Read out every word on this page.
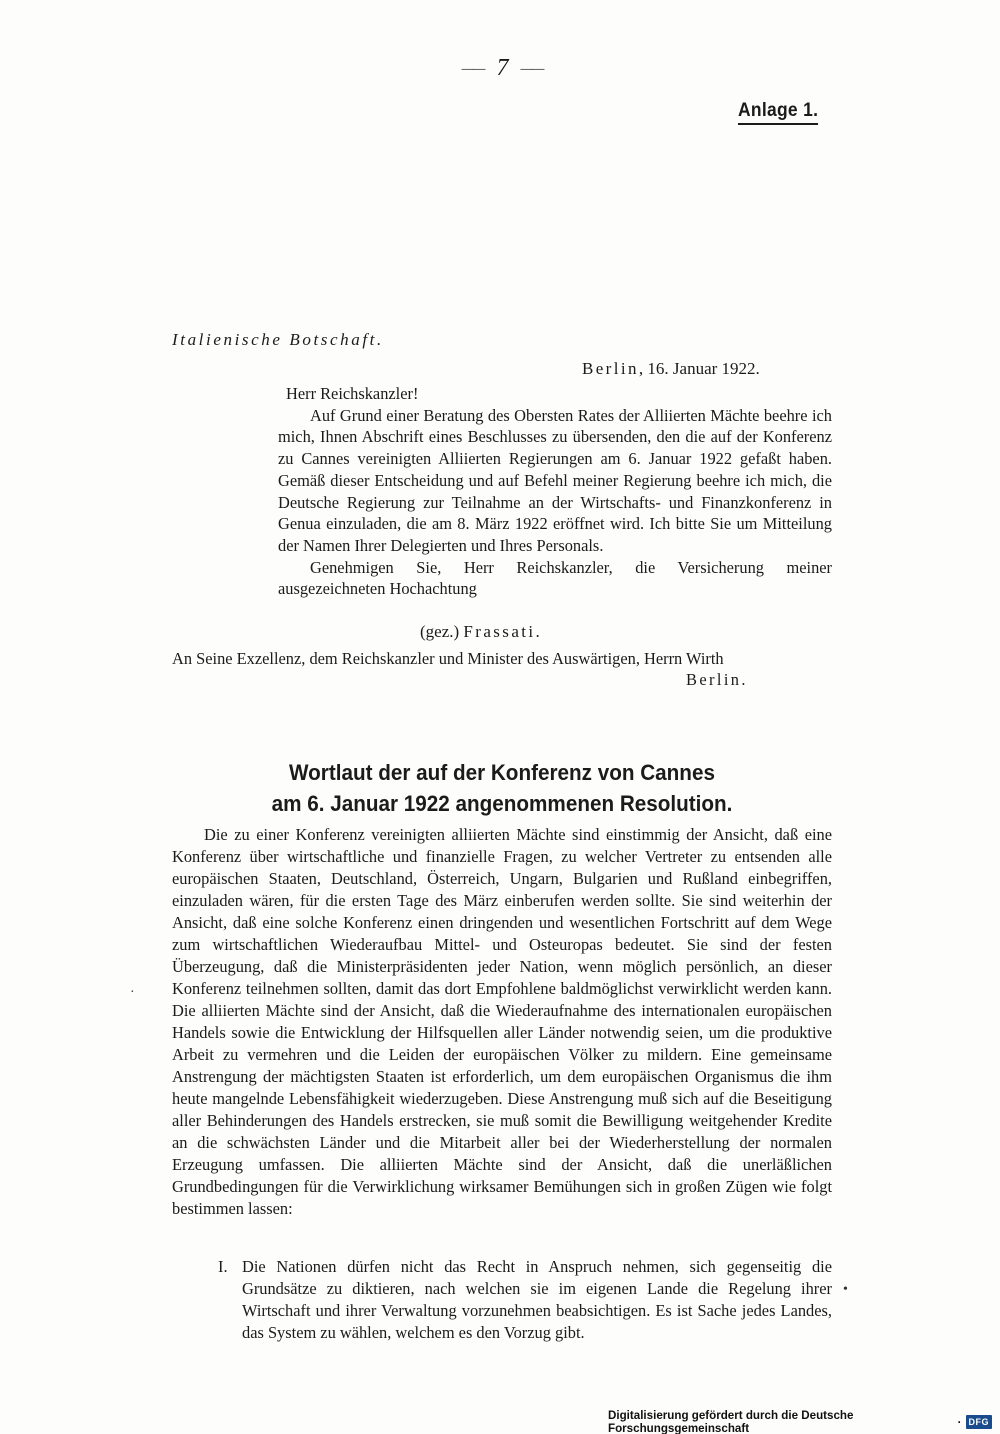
—— 7 ——
Anlage 1.
Italienische Botschaft.
Berlin, 16. Januar 1922.

Herr Reichskanzler!

Auf Grund einer Beratung des Obersten Rates der Alliierten Mächte beehre ich mich, Ihnen Abschrift eines Beschlusses zu übersenden, den die auf der Konferenz zu Cannes vereinigten Alliierten Regierungen am 6. Januar 1922 gefaßt haben. Gemäß dieser Entscheidung und auf Befehl meiner Regierung beehre ich mich, die Deutsche Regierung zur Teilnahme an der Wirtschafts- und Finanzkonferenz in Genua einzuladen, die am 8. März 1922 eröffnet wird. Ich bitte Sie um Mitteilung der Namen Ihrer Delegierten und Ihres Personals.

Genehmigen Sie, Herr Reichskanzler, die Versicherung meiner ausgezeichneten Hochachtung

(gez.) Frassati.
An Seine Exzellenz, dem Reichskanzler und Minister des Auswärtigen, Herrn Wirth
Berlin.
Wortlaut der auf der Konferenz von Cannes
am 6. Januar 1922 angenommenen Resolution.

Die zu einer Konferenz vereinigten alliierten Mächte sind einstimmig der Ansicht, daß eine Konferenz über wirtschaftliche und finanzielle Fragen, zu welcher Vertreter zu entsenden alle europäischen Staaten, Deutschland, Österreich, Ungarn, Bulgarien und Rußland einbegriffen, einzuladen wären, für die ersten Tage des März einberufen werden sollte. Sie sind weiterhin der Ansicht, daß eine solche Konferenz einen dringenden und wesentlichen Fortschritt auf dem Wege zum wirtschaftlichen Wiederaufbau Mittel- und Osteuropas bedeutet. Sie sind der festen Überzeugung, daß die Ministerpräsidenten jeder Nation, wenn möglich persönlich, an dieser Konferenz teilnehmen sollten, damit das dort Empfohlene baldmöglichst verwirklicht werden kann. Die alliierten Mächte sind der Ansicht, daß die Wiederaufnahme des internationalen europäischen Handels sowie die Entwicklung der Hilfsquellen aller Länder notwendig seien, um die produktive Arbeit zu vermehren und die Leiden der europäischen Völker zu mildern. Eine gemeinsame Anstrengung der mächtigsten Staaten ist erforderlich, um dem europäischen Organismus die ihm heute mangelnde Lebensfähigkeit wiederzugeben. Diese Anstrengung muß sich auf die Beseitigung aller Behinderungen des Handels erstrecken, sie muß somit die Bewilligung weitgehender Kredite an die schwächsten Länder und die Mitarbeit aller bei der Wiederherstellung der normalen Erzeugung umfassen. Die alliierten Mächte sind der Ansicht, daß die unerläßlichen Grundbedingungen für die Verwirklichung wirksamer Bemühungen sich in großen Zügen wie folgt bestimmen lassen:

I. Die Nationen dürfen nicht das Recht in Anspruch nehmen, sich gegenseitig die Grundsätze zu diktieren, nach welchen sie im eigenen Lande die Regelung ihrer Wirtschaft und ihrer Verwaltung vorzunehmen beabsichtigen. Es ist Sache jedes Landes, das System zu wählen, welchem es den Vorzug gibt.
•
·
Digitalisierung gefördert durch die Deutsche Forschungsgemeinschaft	· DFG
